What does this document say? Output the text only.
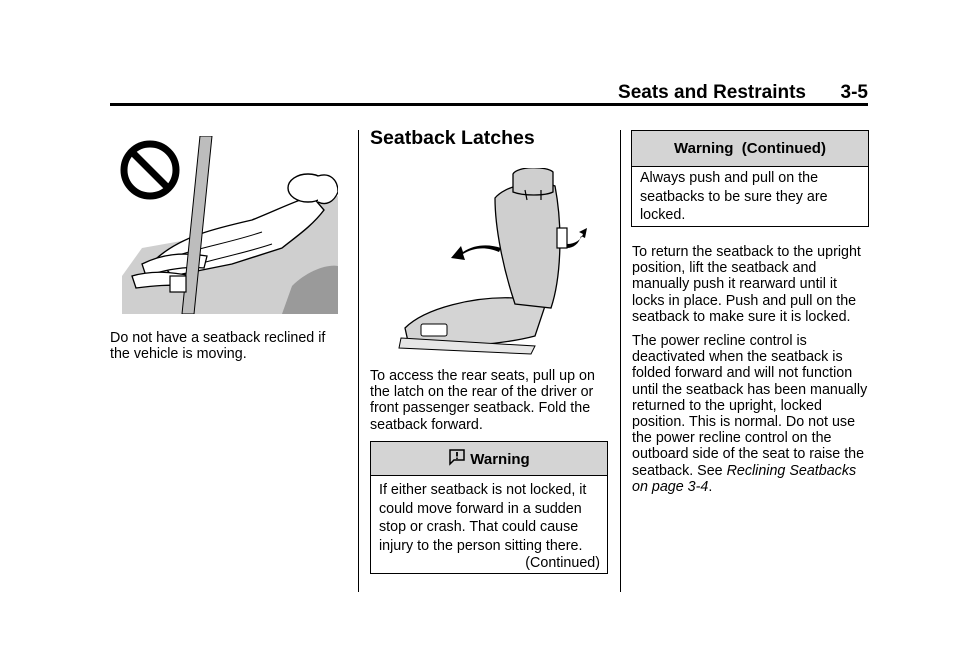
Seats and Restraints 3-5

Do not have a seatback reclined if the vehicle is moving.

Seatback Latches

To access the rear seats, pull up on the latch on the rear of the driver or front passenger seatback. Fold the seatback forward.

Warning
If either seatback is not locked, it could move forward in a sudden stop or crash. That could cause injury to the person sitting there.
(Continued)
Warning  (Continued)
Always push and pull on the seatbacks to be sure they are locked.

To return the seatback to the upright position, lift the seatback and manually push it rearward until it locks in place. Push and pull on the seatback to make sure it is locked.

The power recline control is deactivated when the seatback is folded forward and will not function until the seatback has been manually returned to the upright, locked position. This is normal. Do not use the power recline control on the outboard side of the seat to raise the seatback. See Reclining Seatbacks on page 3-4.
